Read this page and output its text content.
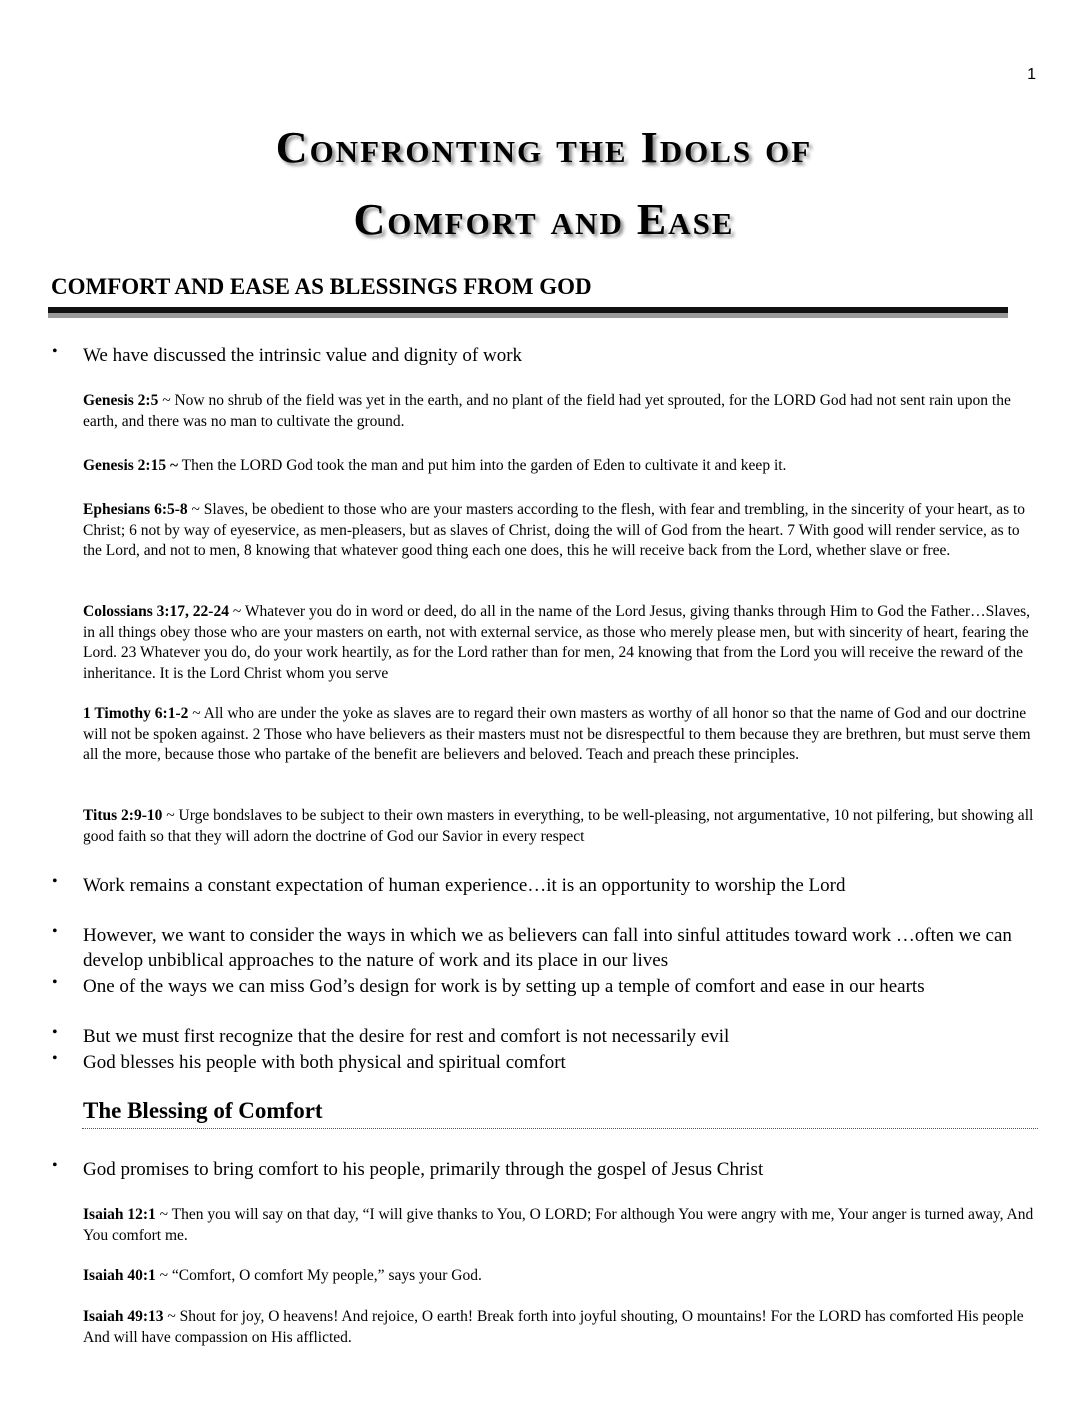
1
Confronting the Idols of
Comfort and Ease
COMFORT AND EASE AS BLESSINGS FROM GOD
•	We have discussed the intrinsic value and dignity of work
Genesis 2:5 ~ Now no shrub of the field was yet in the earth, and no plant of the field had yet sprouted, for the LORD God had not sent rain upon the earth, and there was no man to cultivate the ground.
Genesis 2:15 ~ Then the LORD God took the man and put him into the garden of Eden to cultivate it and keep it.
Ephesians 6:5-8 ~ Slaves, be obedient to those who are your masters according to the flesh, with fear and trembling, in the sincerity of your heart, as to Christ; 6 not by way of eyeservice, as men-pleasers, but as slaves of Christ, doing the will of God from the heart. 7 With good will render service, as to the Lord, and not to men, 8 knowing that whatever good thing each one does, this he will receive back from the Lord, whether slave or free.
Colossians 3:17, 22-24 ~ Whatever you do in word or deed, do all in the name of the Lord Jesus, giving thanks through Him to God the Father…Slaves, in all things obey those who are your masters on earth, not with external service, as those who merely please men, but with sincerity of heart, fearing the Lord. 23 Whatever you do, do your work heartily, as for the Lord rather than for men, 24 knowing that from the Lord you will receive the reward of the inheritance. It is the Lord Christ whom you serve
1 Timothy 6:1-2 ~ All who are under the yoke as slaves are to regard their own masters as worthy of all honor so that the name of God and our doctrine will not be spoken against. 2 Those who have believers as their masters must not be disrespectful to them because they are brethren, but must serve them all the more, because those who partake of the benefit are believers and beloved. Teach and preach these principles.
Titus 2:9-10 ~ Urge bondslaves to be subject to their own masters in everything, to be well-pleasing, not argumentative, 10 not pilfering, but showing all good faith so that they will adorn the doctrine of God our Savior in every respect
•	Work remains a constant expectation of human experience…it is an opportunity to worship the Lord
•	However, we want to consider the ways in which we as believers can fall into sinful attitudes toward work …often we can develop unbiblical approaches to the nature of work and its place in our lives
•	One of the ways we can miss God’s design for work is by setting up a temple of comfort and ease in our hearts
•	But we must first recognize that the desire for rest and comfort is not necessarily evil
•	God blesses his people with both physical and spiritual comfort
The Blessing of Comfort
•	God promises to bring comfort to his people, primarily through the gospel of Jesus Christ
Isaiah 12:1 ~ Then you will say on that day, “I will give thanks to You, O LORD; For although You were angry with me, Your anger is turned away, And You comfort me.
Isaiah 40:1 ~ “Comfort, O comfort My people,” says your God.
Isaiah 49:13 ~ Shout for joy, O heavens! And rejoice, O earth! Break forth into joyful shouting, O mountains! For the LORD has comforted His people And will have compassion on His afflicted.
